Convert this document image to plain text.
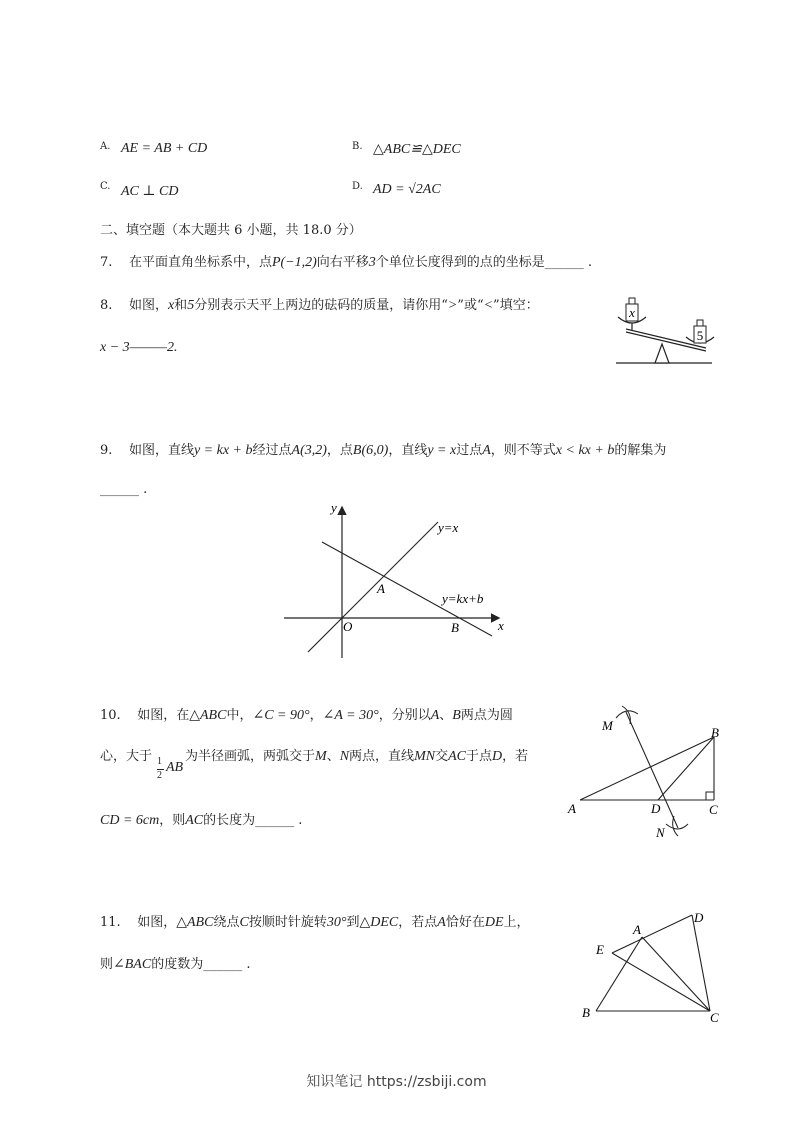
A. AE = AB + CD	B. △ABC≌△DEC
C. AC ⊥ CD	D. AD = √2AC
二、填空题（本大题共 6 小题，共 18.0 分）
7. 在平面直角坐标系中，点P(−1,2)向右平移3个单位长度得到的点的坐标是______ .
8. 如图，x和5分别表示天平上两边的砝码的质量，请你用“>”或“<”填空：
x − 3———2.
x
5
9. 如图，直线y = kx + b经过点A(3,2)，点B(6,0)，直线y = x过点A，则不等式x < kx + b的解集为
______ .
y
x
O
A
B
y=x
y=kx+b
10. 如图，在△ABC中，∠C = 90°，∠A = 30°，分别以A、B两点为圆
心，大于 1
2
AB
为半径画弧，两弧交于M、N两点，直线MN交AC于点D，若
CD = 6cm，则AC的长度为______ .
A
B
C
D
M
N
11. 如图，△ABC绕点C按顺时针旋转30°到△DEC，若点A恰好在DE上，
则∠BAC的度数为______ .
B	C
A
D
E
知识笔记 https://zsbiji.com
